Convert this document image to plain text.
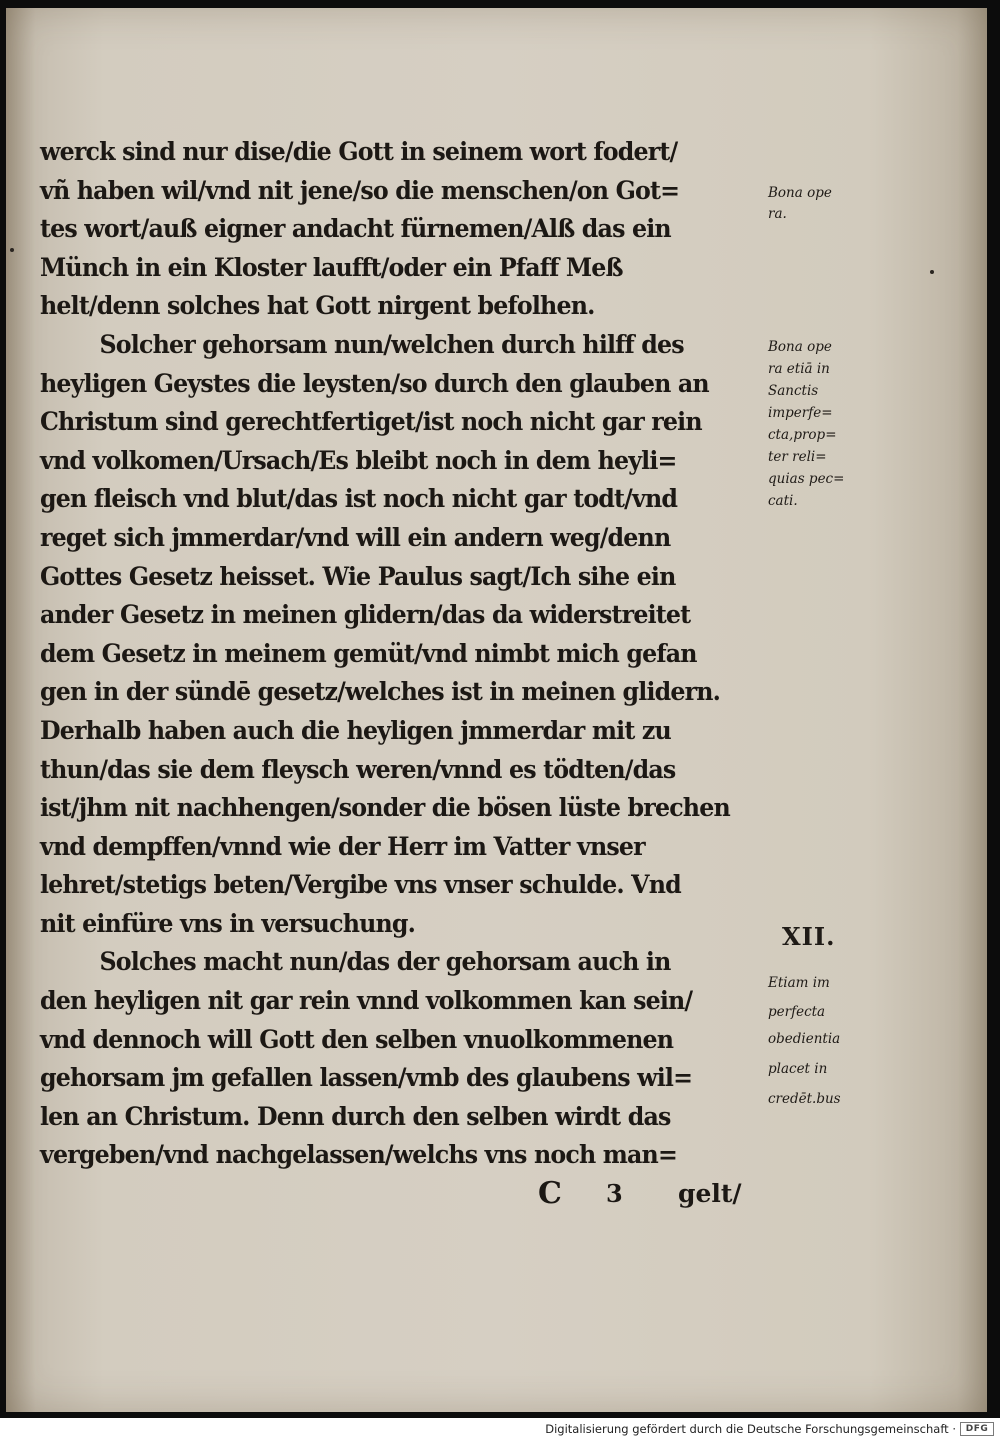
werck sind nur dise/die Gott in seinem wort fodert/
vñ haben wil/vnd nit jene/so die menschen/on Got=
tes wort/auß eigner andacht fürnemen/Alß das ein
Münch in ein Kloster laufft/oder ein Pfaff Meß
helt/denn solches hat Gott nirgent befolhen.
Solcher gehorsam nun/welchen durch hilff des
heyligen Geystes die leysten/so durch den glauben an
Christum sind gerechtfertiget/ist noch nicht gar rein
vnd volkomen/Ursach/Es bleibt noch in dem heyli=
gen fleisch vnd blut/das ist noch nicht gar todt/vnd
reget sich jmmerdar/vnd will ein andern weg/denn
Gottes Gesetz heisset. Wie Paulus sagt/Ich sihe ein
ander Gesetz in meinen glidern/das da widerstreitet
dem Gesetz in meinem gemüt/vnd nimbt mich gefan
gen in der sündē gesetz/welches ist in meinen glidern.
Derhalb haben auch die heyligen jmmerdar mit zu
thun/das sie dem fleysch weren/vnnd es tödten/das
ist/jhm nit nachhengen/sonder die bösen lüste brechen
vnd dempffen/vnnd wie der Herr im Vatter vnser
lehret/stetigs beten/Vergibe vns vnser schulde. Vnd
nit einfüre vns in versuchung.
Solches macht nun/das der gehorsam auch in
den heyligen nit gar rein vnnd volkommen kan sein/
vnd dennoch will Gott den selben vnuolkommenen
gehorsam jm gefallen lassen/vmb des glaubens wil=
len an Christum. Denn durch den selben wirdt das
vergeben/vnd nachgelassen/welchs vns noch man=
Bona ope
ra.
Bona ope
ra etiā in
Sanctis
imperfe=
cta,prop=
ter reli=
quias pec=
cati.
XII.
Etiam im
perfecta
obedientia
placet in
credēt.bus
C 3 gelt/
Digitalisierung gefördert durch die Deutsche Forschungsgemeinschaft ·	DFG
